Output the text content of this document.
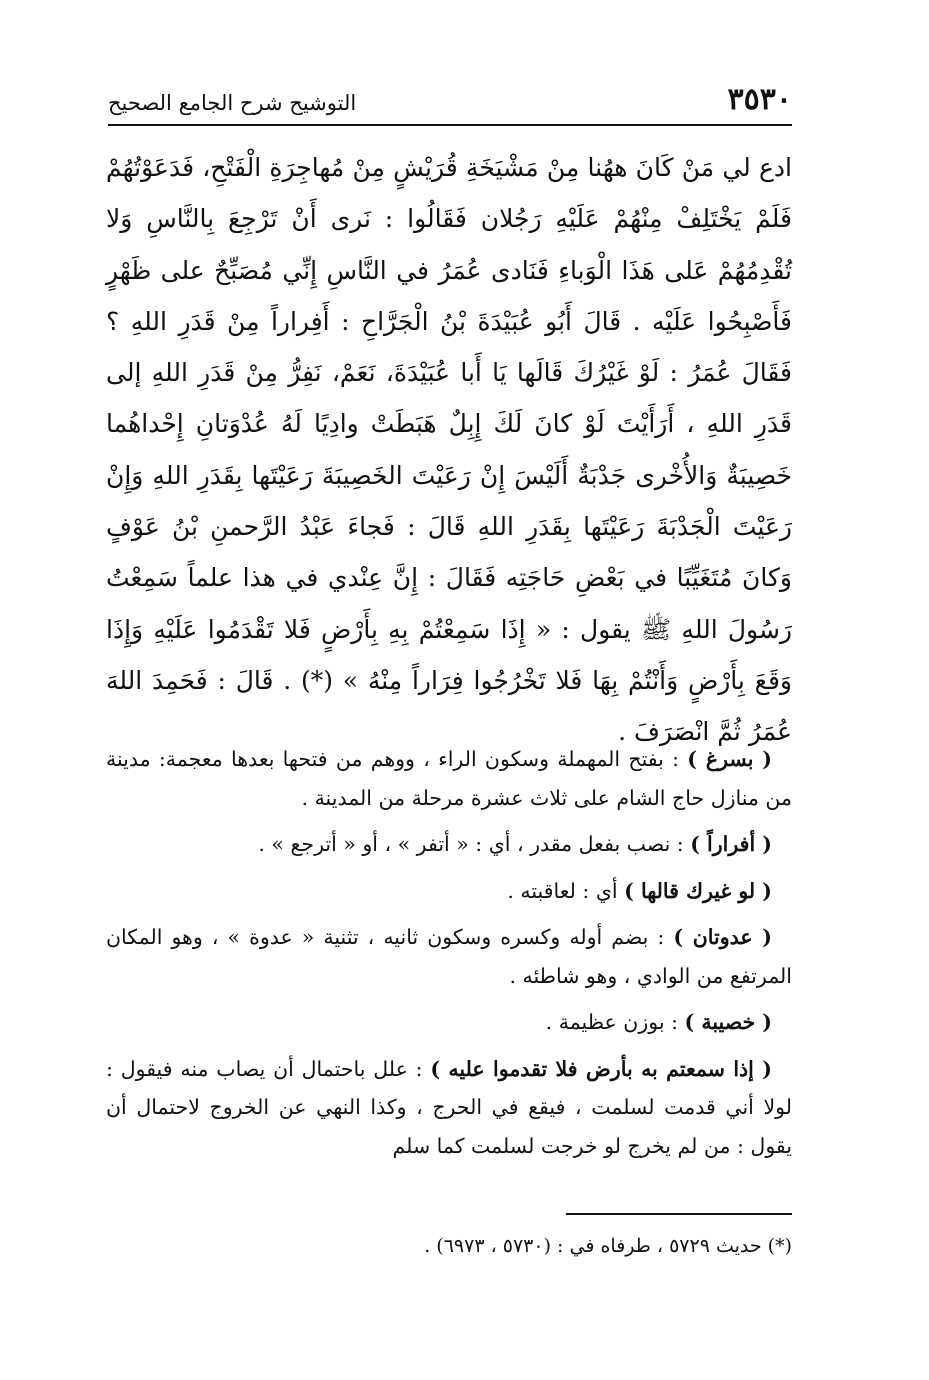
٣٥٣٠
التوشيح شرح الجامع الصحيح

ادع لي مَنْ كَانَ ههُنا مِنْ مَشْيَخَةِ قُرَيْشٍ مِنْ مُهاجِرَةِ الْفَتْحِ، فَدَعَوْتُهُمْ فَلَمْ يَخْتَلِفْ مِنْهُمْ عَلَيْهِ رَجُلان فَقَالُوا : نَرى أَنْ تَرْجِعَ بِالنَّاسِ وَلا تُقْدِمُهُمْ عَلى هَذَا الْوَباءِ فَنَادى عُمَرُ في النَّاسِ إِنِّي مُصَبِّحٌ على ظَهْرٍ فَأَصْبِحُوا عَلَيْه . قَالَ أَبُو عُبَيْدَةَ بْنُ الْجَرَّاحِ : أَفِراراً مِنْ قَدَرِ اللهِ ؟ فَقَالَ عُمَرُ : لَوْ غَيْرُكَ قَالَها يَا أَبا عُبَيْدَةَ، نَعَمْ، نَفِرُّ مِنْ قَدَرِ اللهِ إلى قَدَرِ اللهِ ، أَرَأَيْتَ لَوْ كانَ لَكَ إِبِلٌ هَبَطَتْ وادِيًا لَهُ عُدْوَتانِ إِحْداهُما خَصِيبَةٌ وَالأُخْرى جَدْبَةٌ أَلَيْسَ إِنْ رَعَيْتَ الخَصِيبَةَ رَعَيْتَها بِقَدَرِ اللهِ وَإِنْ رَعَيْتَ الْجَدْبَةَ رَعَيْتَها بِقَدَرِ اللهِ قَالَ : فَجاءَ عَبْدُ الرَّحمنِ بْنُ عَوْفٍ وَكانَ مُتَغَيِّبًا في بَعْضِ حَاجَتِه فَقَالَ : إِنَّ عِنْدي في هذا علماً سَمِعْتُ رَسُولَ اللهِ ﷺ يقول : « إِذَا سَمِعْتُمْ بِهِ بِأَرْضٍ فَلا تَقْدَمُوا عَلَيْهِ وَإِذَا وَقَعَ بِأَرْضٍ وَأَنْتُمْ بِهَا فَلا تَخْرُجُوا فِرَاراً مِنْهُ » (*) . قَالَ : فَحَمِدَ اللهَ عُمَرُ ثُمَّ انْصَرَفَ .

( بسرغ ) : بفتح المهملة وسكون الراء ، ووهم من فتحها بعدها معجمة: مدينة من منازل حاج الشام على ثلاث عشرة مرحلة من المدينة .

( أفراراً ) : نصب بفعل مقدر ، أي : « أتفر » ، أو « أترجع » .

( لو غيرك قالها ) أي : لعاقبته .

( عدوتان ) : بضم أوله وكسره وسكون ثانيه ، تثنية « عدوة » ، وهو المكان المرتفع من الوادي ، وهو شاطئه .

( خصيبة ) : بوزن عظيمة .

( إذا سمعتم به بأرض فلا تقدموا عليه ) : علل باحتمال أن يصاب منه فيقول : لولا أني قدمت لسلمت ، فيقع في الحرج ، وكذا النهي عن الخروج لاحتمال أن يقول : من لم يخرج لو خرجت لسلمت كما سلم

(*) حديث ٥٧٢٩ ، طرفاه في : (٥٧٣٠ ، ٦٩٧٣) .
